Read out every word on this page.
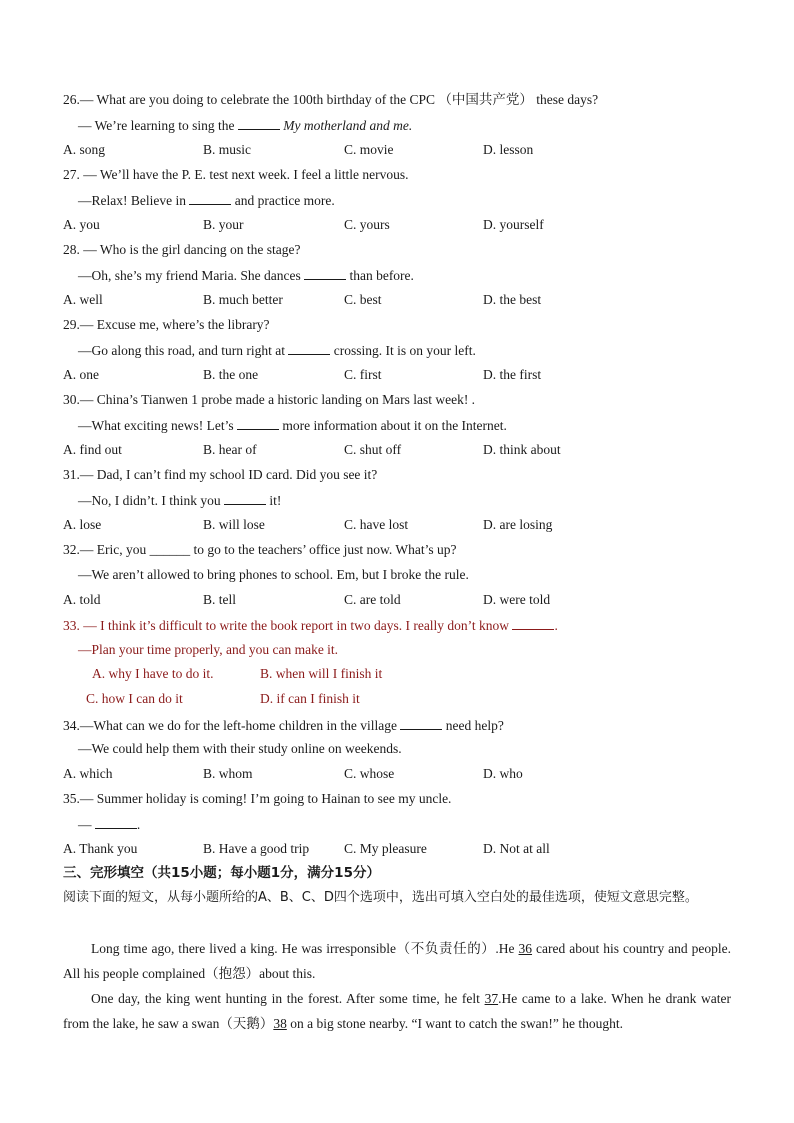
26.— What are you doing to celebrate the 100th birthday of the CPC （中国共产党） these days?
— We’re learning to sing the	My motherland and me.
A. song	B. music	C. movie	D. lesson
27. — We’ll have the P. E. test next week. I feel a little nervous.
—Relax! Believe in	and practice more.
A. you	B. your	C. yours	D. yourself
28. — Who is the girl dancing on the stage?
—Oh, she’s my friend Maria. She dances	than before.
A. well	B. much better	C. best	D. the best
29.— Excuse me, where’s the library?
—Go along this road, and turn right at	crossing. It is on your left.
A. one	B. the one	C. first	D. the first
30.— China’s Tianwen 1 probe made a historic landing on Mars last week! .
—What exciting news! Let’s	more information about it on the Internet.
A. find out	B. hear of	C. shut off	D. think about
31.— Dad, I can’t find my school ID card. Did you see it?
—No, I didn’t. I think you	it!
A. lose	B. will lose	C. have lost	D. are losing
32.— Eric, you ______ to go to the teachers’ office just now. What’s up?
—We aren’t allowed to bring phones to school. Em, but I broke the rule.
A. told	B. tell	C. are told	D. were told
33. — I think it’s difficult to write the book report in two days. I really don’t know	.
—Plan your time properly, and you can make it.
A. why I have to do it.	B. when will I finish it
C. how I can do it	D. if can I finish it
34.—What can we do for the left-home children in the village	need help?
—We could help them with their study online on weekends.
A. which	B. whom	C. whose	D. who
35.— Summer holiday is coming! I’m going to Hainan to see my uncle.
—	.
A. Thank you	B. Have a good trip	C. My pleasure	D. Not at all
三、完形填空（共15小题；每小题1分，满分15分）
阅读下面的短文，从每小题所给的A、B、C、D四个选项中，选出可填入空白处的最佳选项，使短文意思完整。
Long time ago, there lived a king. He was irresponsible（不负责任的）.He 36 cared about his country and people. All his people complained（抱怨）about this.
One day, the king went hunting in the forest. After some time, he felt 37.He came to a lake. When he drank water from the lake, he saw a swan（天鹅）38 on a big stone nearby. “I want to catch the swan!” he thought.
